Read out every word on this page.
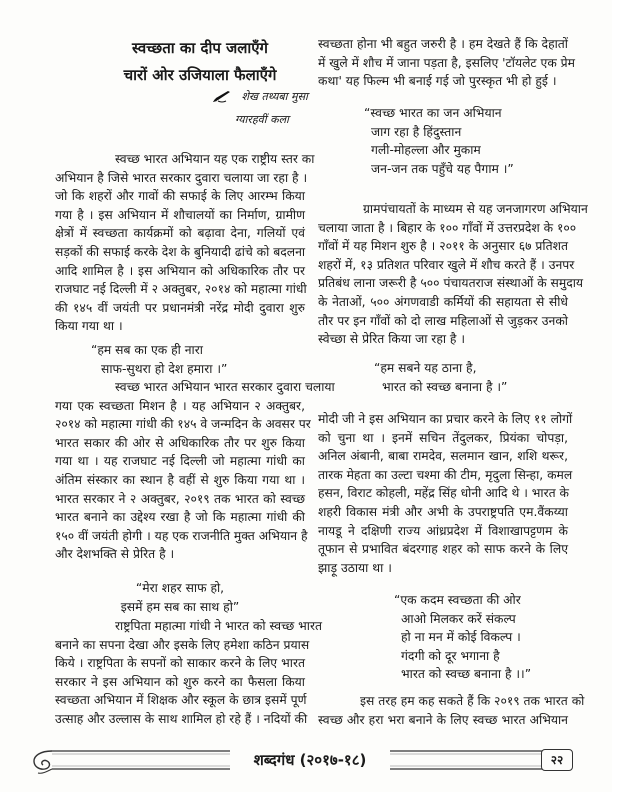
स्वच्छता का दीप जलाएँगे
चारों ओर उजियाला फैलाएँगे
शेख तथ्यबा मुसा
ग्यारहवीं कला
स्वच्छ भारत अभियान यह एक राष्ट्रीय स्तर का
अभियान है जिसे भारत सरकार दुवारा चलाया जा रहा है ।
जो कि शहरों और गावों की सफाई के लिए आरम्भ किया
गया है । इस अभियान में शौचालयों का निर्माण, ग्रामीण
क्षेत्रों में स्वच्छता कार्यक्रमों को बढ़ावा देना, गलियों एवं
सड़कों की सफाई करके देश के बुनियादी ढांचे को बदलना
आदि शामिल है । इस अभियान को अधिकारिक तौर पर
राजघाट नई दिल्ली में २ अक्तुबर, २०१४ को महात्मा गांधी
की १४५ वीं जयंती पर प्रधानमंत्री नरेंद्र मोदी दुवारा शुरु
किया गया था ।
“हम सब का एक ही नारा
साफ-सुथरा हो देश हमारा ।”
स्वच्छ भारत अभियान भारत सरकार दुवारा चलाया
गया एक स्वच्छता मिशन है । यह अभियान २ अक्तुबर,
२०१४ को महात्मा गांधी की १४५ वे जन्मदिन के अवसर पर
भारत सकार की ओर से अधिकारिक तौर पर शुरु किया
गया था । यह राजघाट नई दिल्ली जो महात्मा गांधी का
अंतिम संस्कार का स्थान है वहीं से शुरु किया गया था ।
भारत सरकार ने २ अक्तुबर, २०१९ तक भारत को स्वच्छ
भारत बनाने का उद्देश्य रखा है जो कि महात्मा गांधी की
१५० वीं जयंती होगी । यह एक राजनीति मुक्त अभियान है
और देशभक्ति से प्रेरित है ।
“मेरा शहर साफ हो,
इसमें हम सब का साथ हो”
राष्ट्रपिता महात्मा गांधी ने भारत को स्वच्छ भारत
बनाने का सपना देखा और इसके लिए हमेशा कठिन प्रयास
किये । राष्ट्रपिता के सपनों को साकार करने के लिए भारत
सरकार ने इस अभियान को शुरु करने का फैसला किया
स्वच्छता अभियान में शिक्षक और स्कूल के छात्र इसमें पूर्ण
उत्साह और उल्लास के साथ शामिल हो रहे हैं । नदियों की
स्वच्छता होना भी बहुत जरुरी है । हम देखते हैं कि देहातों
में खुले में शौच में जाना पड़ता है, इसलिए 'टॉयलेट एक प्रेम
कथा' यह फिल्म भी बनाई गई जो पुरस्कृत भी हो हुई ।
“स्वच्छ भारत का जन अभियान
जाग रहा है हिंदुस्तान
गली-मोहल्ला और मुकाम
जन-जन तक पहुँचे यह पैगाम ।”
ग्रामपंचायतों के माध्यम से यह जनजागरण अभियान
चलाया जाता है । बिहार के १०० गाँवों में उत्तरप्रदेश के १००
गाँवों में यह मिशन शुरु है । २०११ के अनुसार ६७ प्रतिशत
शहरों में, १३ प्रतिशत परिवार खुले में शौच करते हैं । उनपर
प्रतिबंध लाना जरूरी है ५०० पंचायतराज संस्थाओं के समुदाय
के नेताओं, ५०० अंगणवाडी कर्मियों की सहायता से सीधे
तौर पर इन गाँवों को दो लाख महिलाओं से जुड़कर उनको
स्वेच्छा से प्रेरित किया जा रहा है ।
“हम सबने यह ठाना है,
भारत को स्वच्छ बनाना है ।”
मोदी जी ने इस अभियान का प्रचार करने के लिए ११ लोगों
को चुना था । इनमें सचिन तेंदुलकर, प्रियंका चोपड़ा,
अनिल अंबानी, बाबा रामदेव, सलमान खान, शशि थरूर,
तारक मेहता का उल्टा चश्मा की टीम, मृदुला सिन्हा, कमल
हसन, विराट कोहली, महेंद्र सिंह धोनी आदि थे । भारत के
शहरी विकास मंत्री और अभी के उपराष्ट्रपति एम.वैंकय्या
नायडू ने दक्षिणी राज्य आंध्रप्रदेश में विशाखापट्टणम के
तूफान से प्रभावित बंदरगाह शहर को साफ करने के लिए
झाड़ू उठाया था ।
“एक कदम स्वच्छता की ओर
आओ मिलकर करें संकल्प
हो ना मन में कोई विकल्प ।
गंदगी को दूर भगाना है
भारत को स्वच्छ बनाना है ।।”
इस तरह हम कह सकते हैं कि २०१९ तक भारत को
स्वच्छ और हरा भरा बनाने के लिए स्वच्छ भारत अभियान
शब्दगंध (२०१७-१८)	२२
